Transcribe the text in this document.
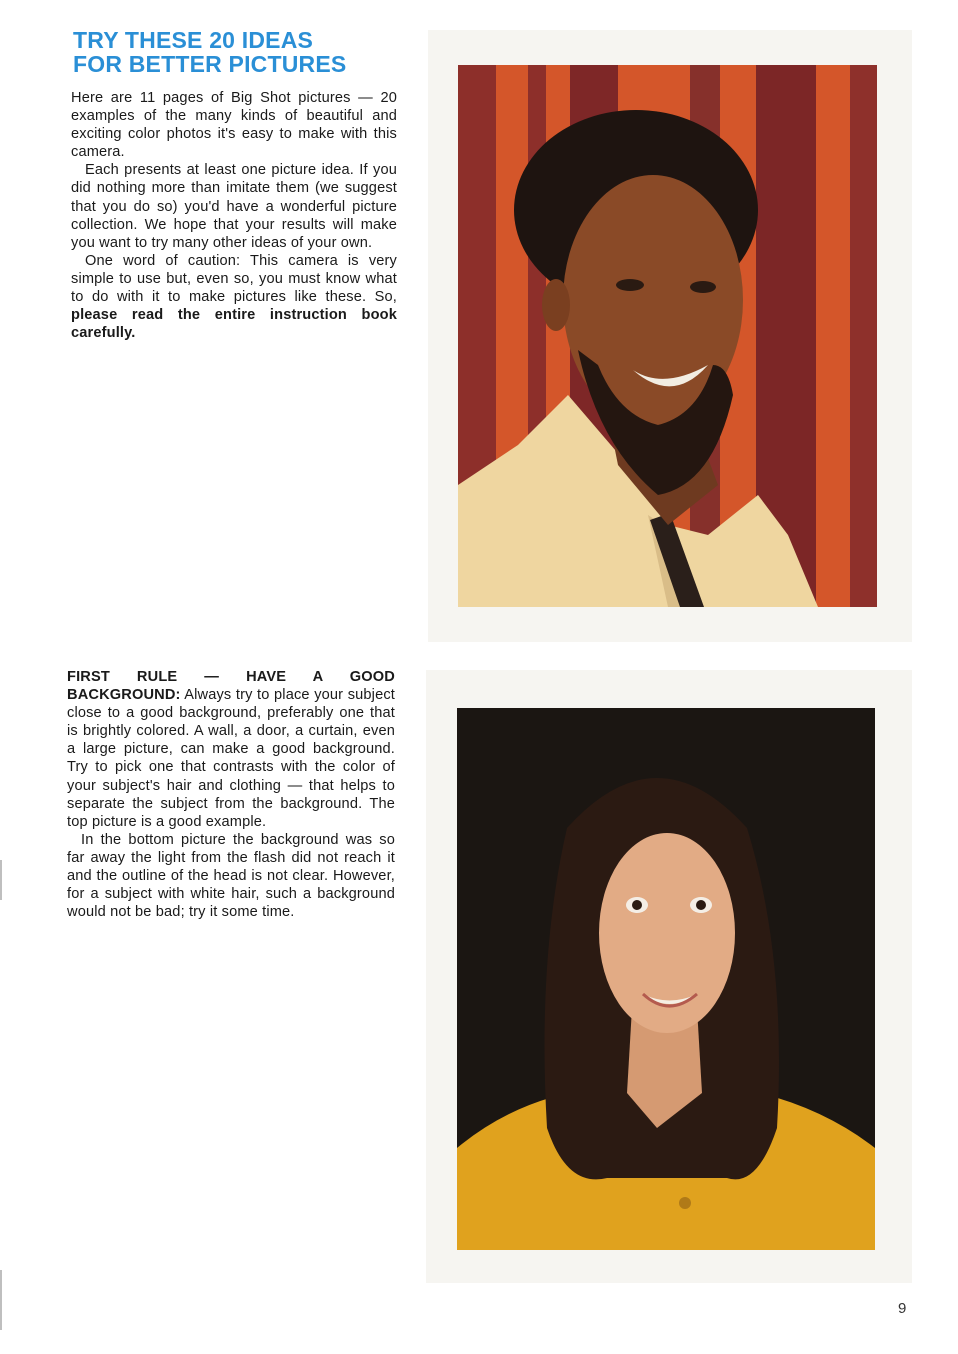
TRY THESE 20 IDEAS
FOR BETTER PICTURES

Here are 11 pages of Big Shot pictures — 20 examples of the many kinds of beautiful and exciting color photos it's easy to make with this camera.

Each presents at least one picture idea. If you did nothing more than imitate them (we suggest that you do so) you'd have a wonderful picture collection. We hope that your results will make you want to try many other ideas of your own.

One word of caution: This camera is very simple to use but, even so, you must know what to do with it to make pictures like these. So, please read the entire instruction book carefully.

FIRST RULE — HAVE A GOOD BACKGROUND: Always try to place your subject close to a good background, preferably one that is brightly colored. A wall, a door, a curtain, even a large picture, can make a good background. Try to pick one that contrasts with the color of your subject's hair and clothing — that helps to separate the subject from the background. The top picture is a good example.

In the bottom picture the background was so far away the light from the flash did not reach it and the outline of the head is not clear. However, for a subject with white hair, such a background would not be bad; try it some time.

9
